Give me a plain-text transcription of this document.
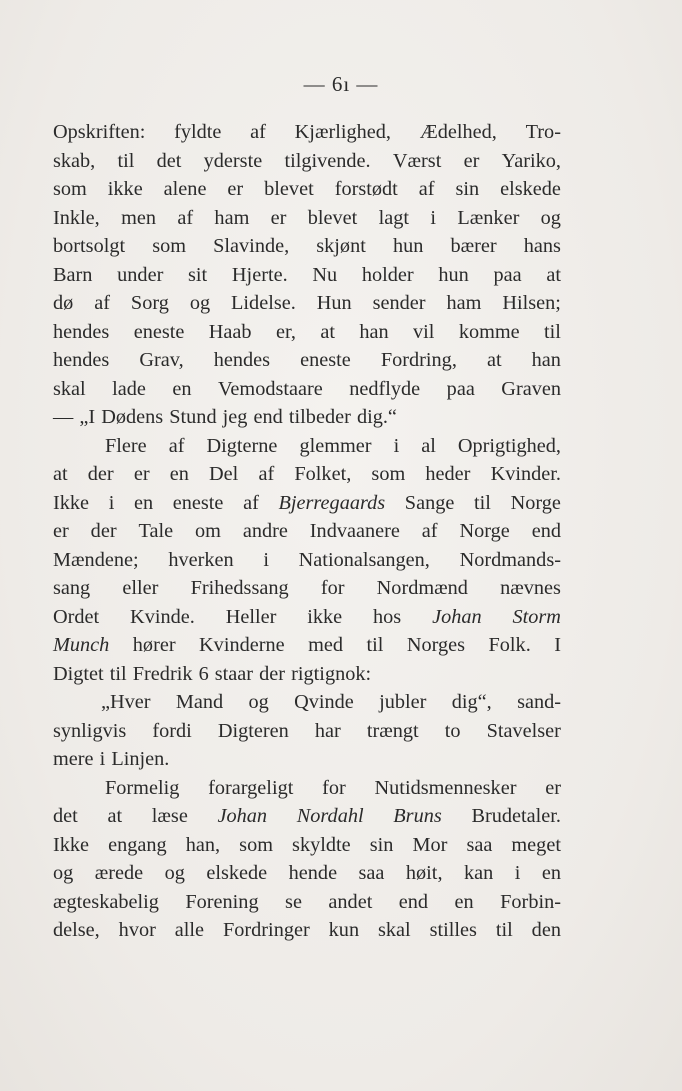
— 6ı —
Opskriften: fyldte af Kjærlighed, Ædelhed, Tro-
skab, til det yderste tilgivende. Værst er Yariko,
som ikke alene er blevet forstødt af sin elskede
Inkle, men af ham er blevet lagt i Lænker og
bortsolgt som Slavinde, skjønt hun bærer hans
Barn under sit Hjerte. Nu holder hun paa at
dø af Sorg og Lidelse. Hun sender ham Hilsen;
hendes eneste Haab er, at han vil komme til
hendes Grav, hendes eneste Fordring, at han
skal lade en Vemodstaare nedflyde paa Graven
— „I Dødens Stund jeg end tilbeder dig.“
Flere af Digterne glemmer i al Oprigtighed,
at der er en Del af Folket, som heder Kvinder.
Ikke i en eneste af Bjerregaards Sange til Norge
er der Tale om andre Indvaanere af Norge end
Mændene; hverken i Nationalsangen, Nordmands-
sang eller Frihedssang for Nordmænd nævnes
Ordet Kvinde. Heller ikke hos Johan Storm
Munch hører Kvinderne med til Norges Folk. I
Digtet til Fredrik 6 staar der rigtignok:
„Hver Mand og Qvinde jubler dig“, sand-
synligvis fordi Digteren har trængt to Stavelser
mere i Linjen.
Formelig forargeligt for Nutidsmennesker er
det at læse Johan Nordahl Bruns Brudetaler.
Ikke engang han, som skyldte sin Mor saa meget
og ærede og elskede hende saa høit, kan i en
ægteskabelig Forening se andet end en Forbin-
delse, hvor alle Fordringer kun skal stilles til den
